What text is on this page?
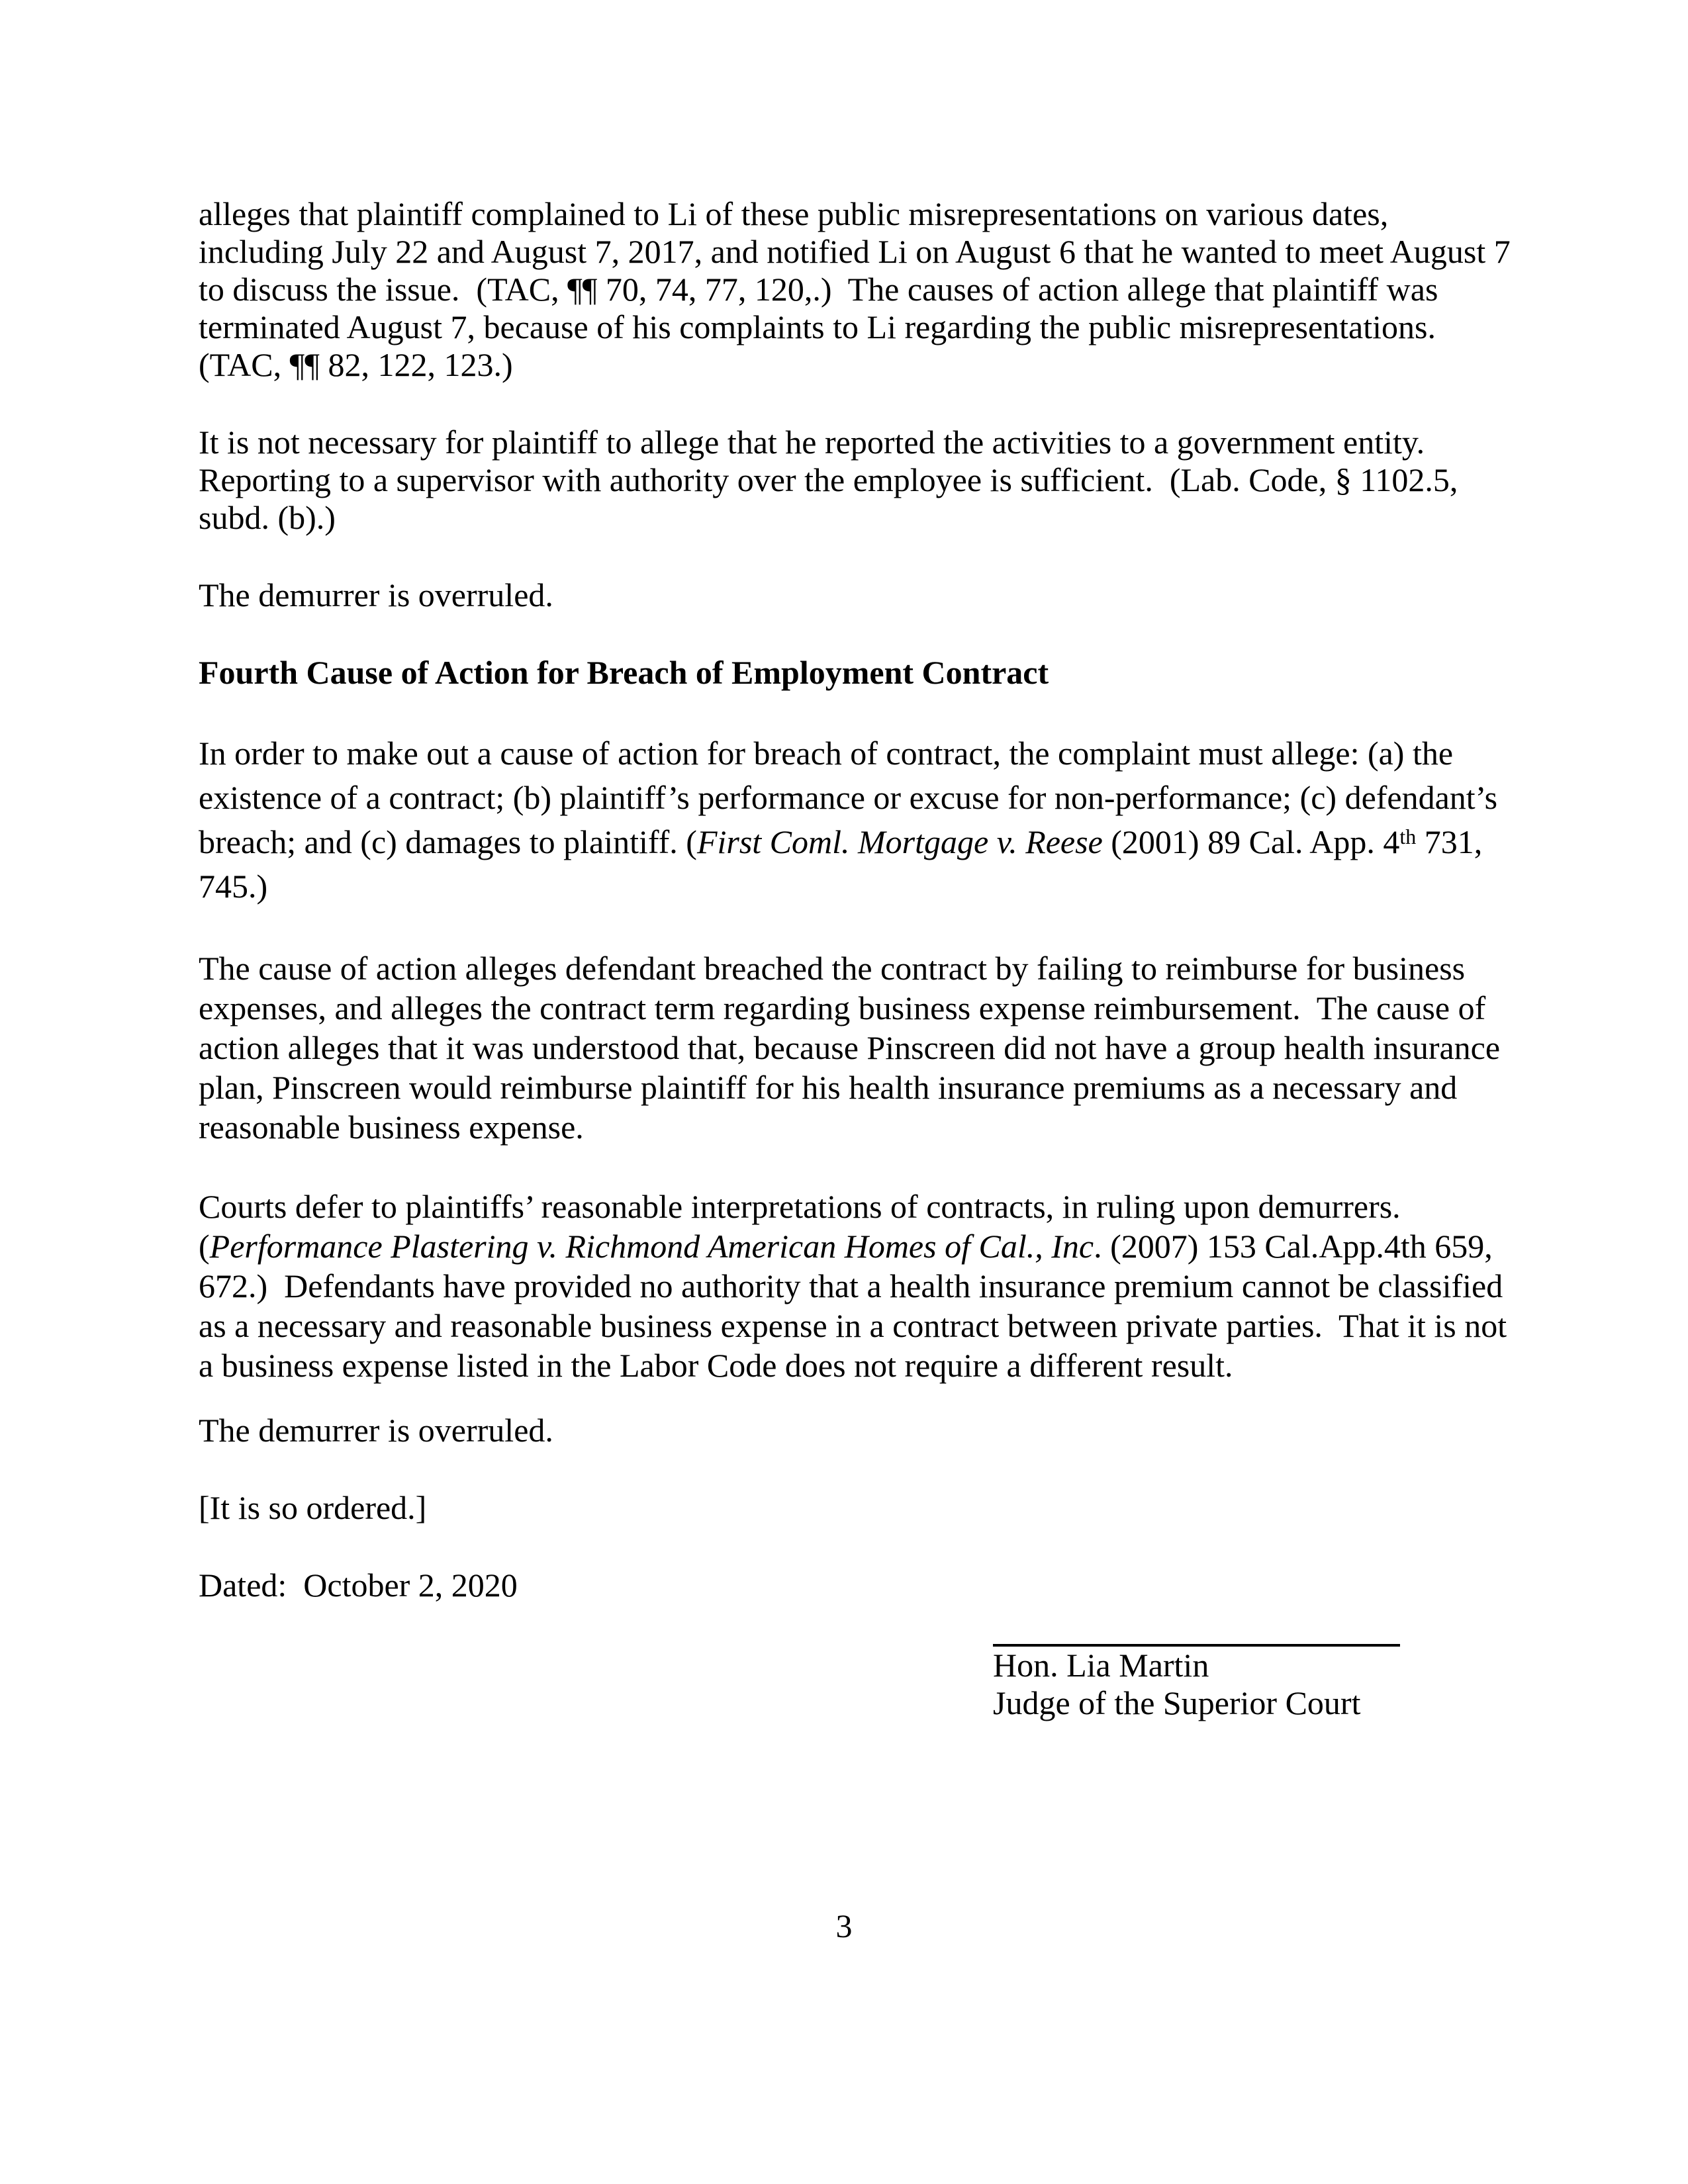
alleges that plaintiff complained to Li of these public misrepresentations on various dates, including July 22 and August 7, 2017, and notified Li on August 6 that he wanted to meet August 7 to discuss the issue.  (TAC, ¶¶ 70, 74, 77, 120,.)  The causes of action allege that plaintiff was terminated August 7, because of his complaints to Li regarding the public misrepresentations.  (TAC, ¶¶ 82, 122, 123.)

It is not necessary for plaintiff to allege that he reported the activities to a government entity.  Reporting to a supervisor with authority over the employee is sufficient.  (Lab. Code, § 1102.5, subd. (b).)

The demurrer is overruled.

Fourth Cause of Action for Breach of Employment Contract

In order to make out a cause of action for breach of contract, the complaint must allege: (a) the existence of a contract; (b) plaintiff’s performance or excuse for non-performance; (c) defendant’s breach; and (c) damages to plaintiff. (First Coml. Mortgage v. Reese (2001) 89 Cal. App. 4th 731, 745.)

The cause of action alleges defendant breached the contract by failing to reimburse for business expenses, and alleges the contract term regarding business expense reimbursement.  The cause of action alleges that it was understood that, because Pinscreen did not have a group health insurance plan, Pinscreen would reimburse plaintiff for his health insurance premiums as a necessary and reasonable business expense.

Courts defer to plaintiffs’ reasonable interpretations of contracts, in ruling upon demurrers.  (Performance Plastering v. Richmond American Homes of Cal., Inc. (2007) 153 Cal.App.4th 659, 672.)  Defendants have provided no authority that a health insurance premium cannot be classified as a necessary and reasonable business expense in a contract between private parties.  That it is not a business expense listed in the Labor Code does not require a different result.

The demurrer is overruled.

[It is so ordered.]

Dated:  October 2, 2020

Hon. Lia Martin

Judge of the Superior Court

3
